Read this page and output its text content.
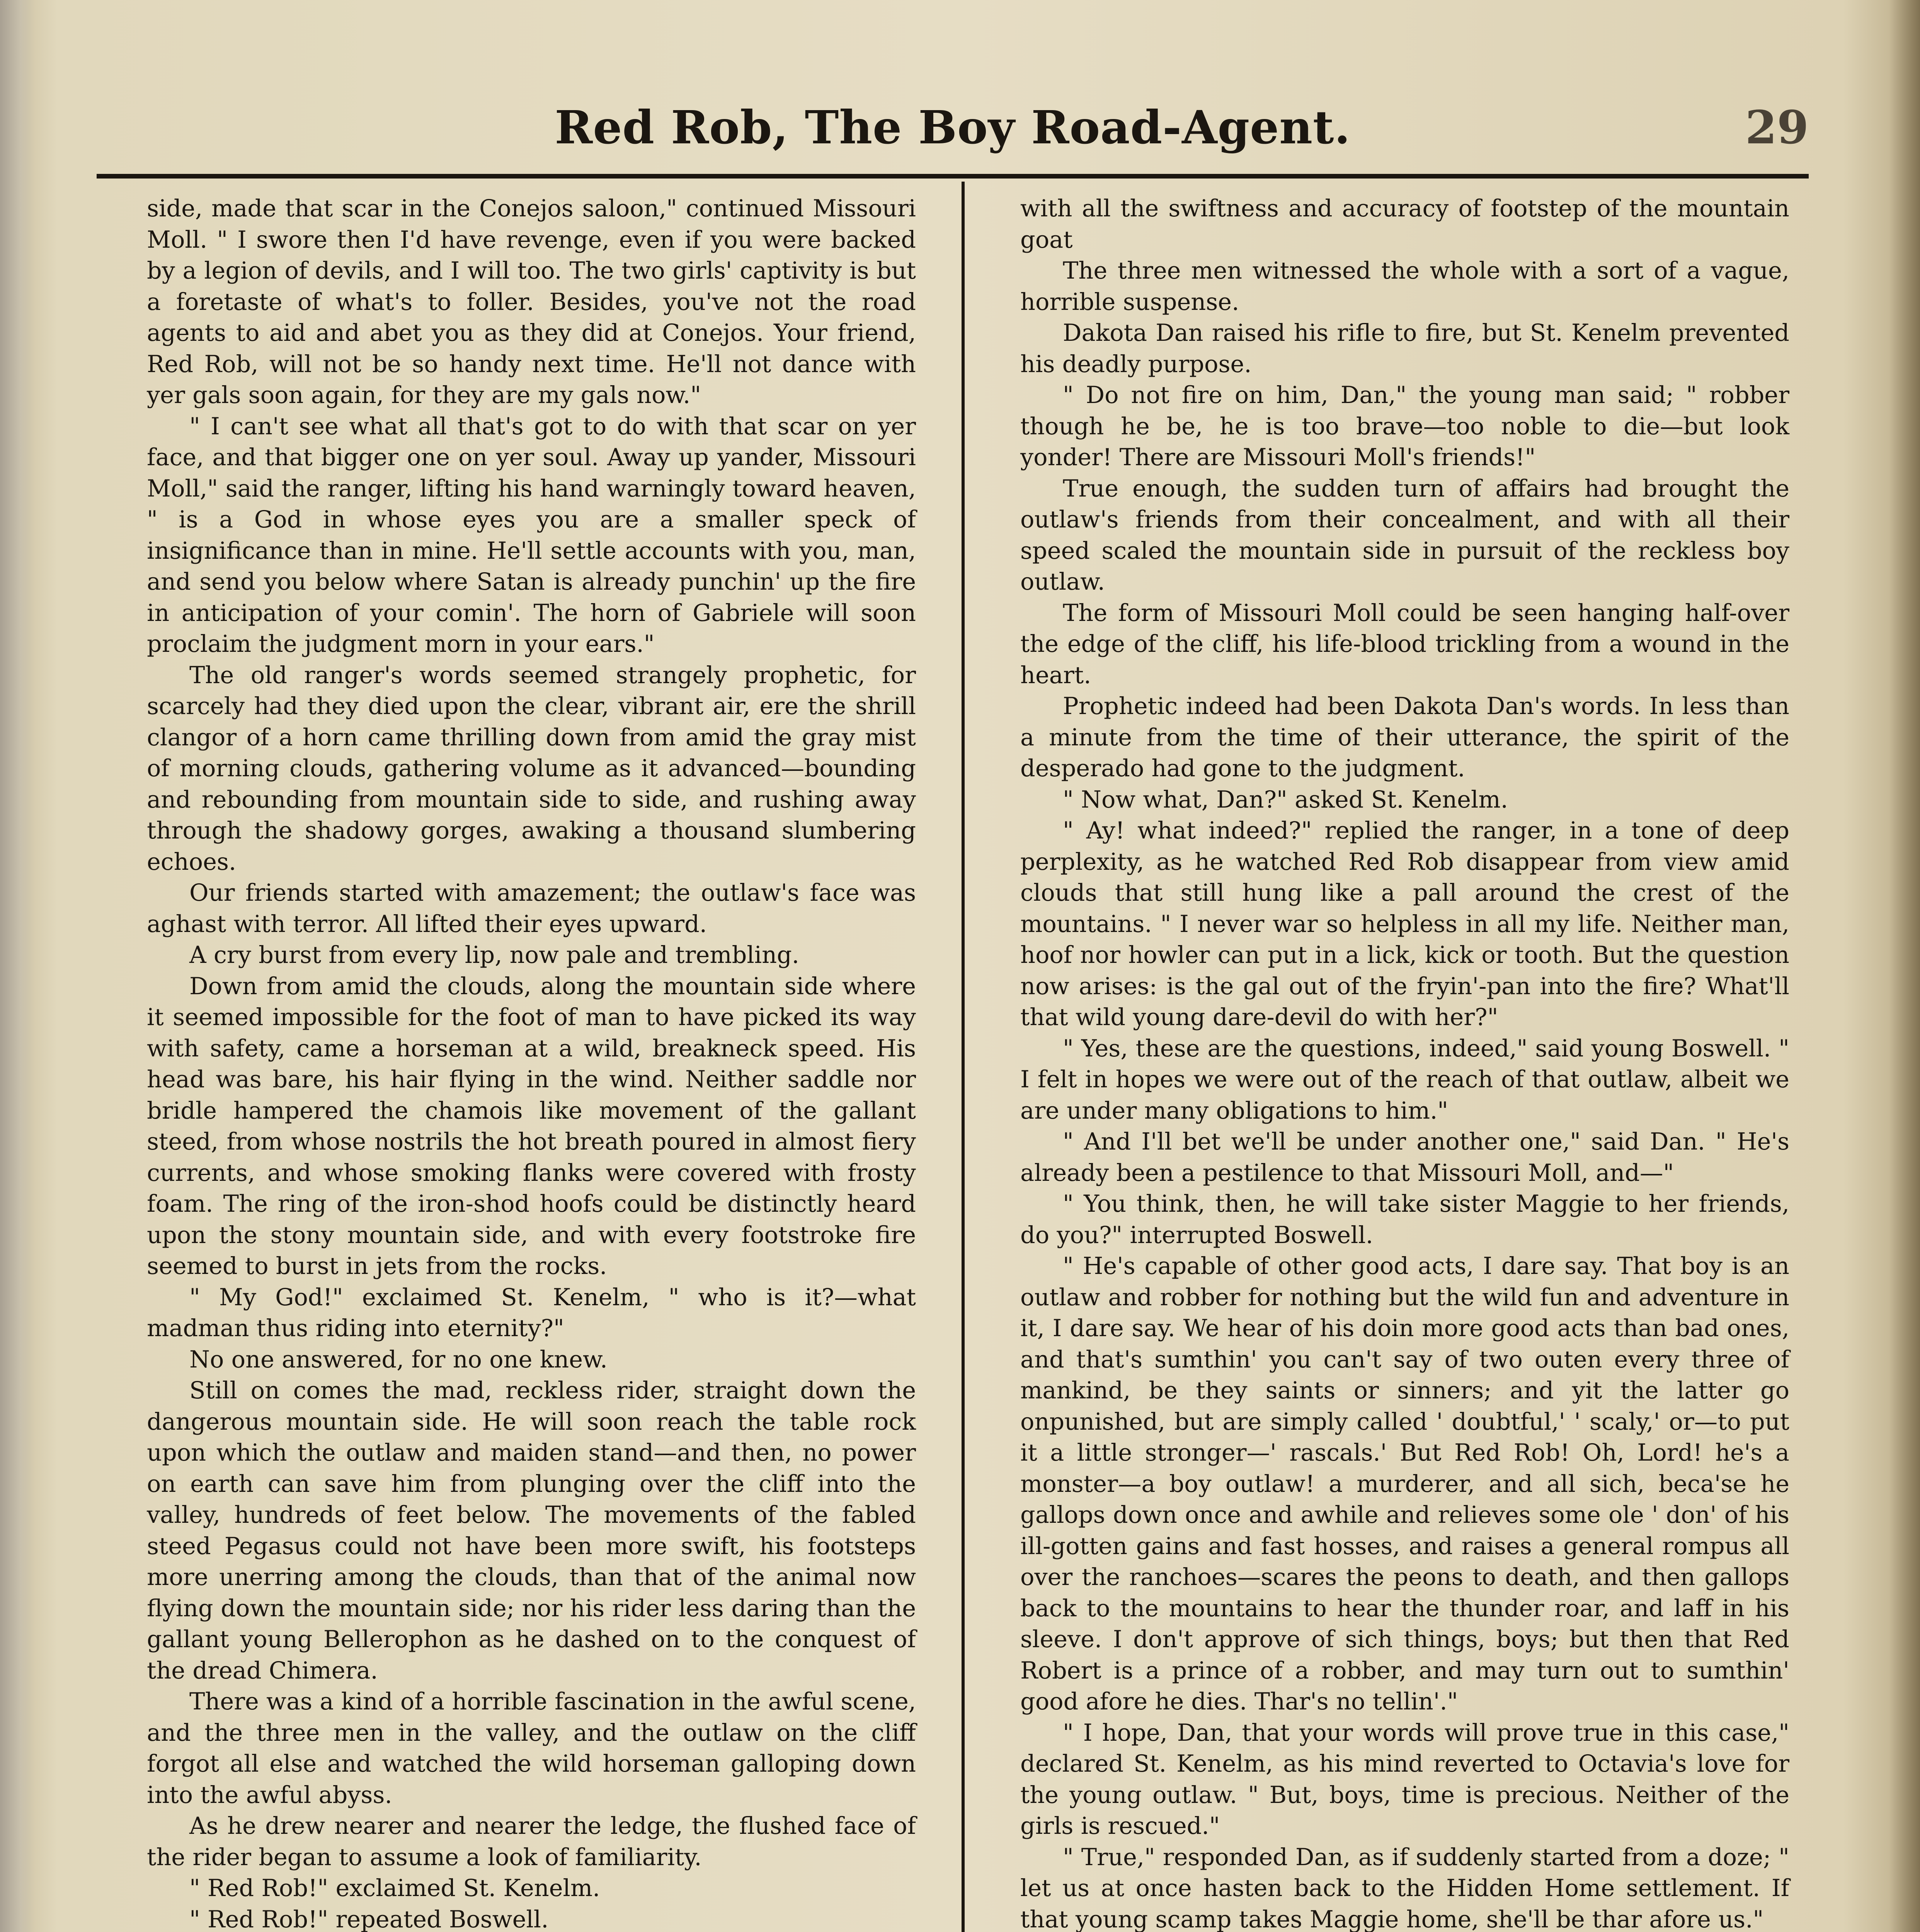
Red Rob, The Boy Road-Agent.	29

side, made that scar in the Conejos saloon," continued Missouri Moll. " I swore then I'd have revenge, even if you were backed by a legion of devils, and I will too. The two girls' captivity is but a foretaste of what's to foller. Besides, you've not the road agents to aid and abet you as they did at Conejos. Your friend, Red Rob, will not be so handy next time. He'll not dance with yer gals soon again, for they are my gals now."

" I can't see what all that's got to do with that scar on yer face, and that bigger one on yer soul. Away up yander, Missouri Moll," said the ranger, lifting his hand warningly toward heaven, " is a God in whose eyes you are a smaller speck of insignificance than in mine. He'll settle accounts with you, man, and send you below where Satan is already punchin' up the fire in anticipation of your comin'. The horn of Gabriele will soon proclaim the judgment morn in your ears."

The old ranger's words seemed strangely prophetic, for scarcely had they died upon the clear, vibrant air, ere the shrill clangor of a horn came thrilling down from amid the gray mist of morning clouds, gathering volume as it advanced—bounding and rebounding from mountain side to side, and rushing away through the shadowy gorges, awaking a thousand slumbering echoes.

Our friends started with amazement; the outlaw's face was aghast with terror. All lifted their eyes upward.

A cry burst from every lip, now pale and trembling.

Down from amid the clouds, along the mountain side where it seemed impossible for the foot of man to have picked its way with safety, came a horseman at a wild, breakneck speed. His head was bare, his hair flying in the wind. Neither saddle nor bridle hampered the chamois like movement of the gallant steed, from whose nostrils the hot breath poured in almost fiery currents, and whose smoking flanks were covered with frosty foam. The ring of the iron-shod hoofs could be distinctly heard upon the stony mountain side, and with every footstroke fire seemed to burst in jets from the rocks.

" My God!" exclaimed St. Kenelm, " who is it?—what madman thus riding into eternity?"

No one answered, for no one knew.

Still on comes the mad, reckless rider, straight down the dangerous mountain side. He will soon reach the table rock upon which the outlaw and maiden stand—and then, no power on earth can save him from plunging over the cliff into the valley, hundreds of feet below. The movements of the fabled steed Pegasus could not have been more swift, his footsteps more unerring among the clouds, than that of the animal now flying down the mountain side; nor his rider less daring than the gallant young Bellerophon as he dashed on to the conquest of the dread Chimera.

There was a kind of a horrible fascination in the awful scene, and the three men in the valley, and the outlaw on the cliff forgot all else and watched the wild horseman galloping down into the awful abyss.

As he drew nearer and nearer the ledge, the flushed face of the rider began to assume a look of familiarity.

" Red Rob!" exclaimed St. Kenelm.

" Red Rob!" repeated Boswell.

with all the swiftness and accuracy of footstep of the mountain goat

The three men witnessed the whole with a sort of a vague, horrible suspense.

Dakota Dan raised his rifle to fire, but St. Kenelm prevented his deadly purpose.

" Do not fire on him, Dan," the young man said; " robber though he be, he is too brave—too noble to die—but look yonder! There are Missouri Moll's friends!"

True enough, the sudden turn of affairs had brought the outlaw's friends from their concealment, and with all their speed scaled the mountain side in pursuit of the reckless boy outlaw.

The form of Missouri Moll could be seen hanging half-over the edge of the cliff, his life-blood trickling from a wound in the heart.

Prophetic indeed had been Dakota Dan's words. In less than a minute from the time of their utterance, the spirit of the desperado had gone to the judgment.

" Now what, Dan?" asked St. Kenelm.

" Ay! what indeed?" replied the ranger, in a tone of deep perplexity, as he watched Red Rob disappear from view amid clouds that still hung like a pall around the crest of the mountains. " I never war so helpless in all my life. Neither man, hoof nor howler can put in a lick, kick or tooth. But the question now arises: is the gal out of the fryin'-pan into the fire? What'll that wild young dare-devil do with her?"

" Yes, these are the questions, indeed," said young Boswell. " I felt in hopes we were out of the reach of that outlaw, albeit we are under many obligations to him."

" And I'll bet we'll be under another one," said Dan. " He's already been a pestilence to that Missouri Moll, and—"

" You think, then, he will take sister Maggie to her friends, do you?" interrupted Boswell.

" He's capable of other good acts, I dare say. That boy is an outlaw and robber for nothing but the wild fun and adventure in it, I dare say. We hear of his doin more good acts than bad ones, and that's sumthin' you can't say of two outen every three of mankind, be they saints or sinners; and yit the latter go onpunished, but are simply called ' doubtful,' ' scaly,' or—to put it a little stronger—' rascals.' But Red Rob! Oh, Lord! he's a monster—a boy outlaw! a murderer, and all sich, beca'se he gallops down once and awhile and relieves some ole ' don' of his ill-gotten gains and fast hosses, and raises a general rompus all over the ranchoes—scares the peons to death, and then gallops back to the mountains to hear the thunder roar, and laff in his sleeve. I don't approve of sich things, boys; but then that Red Robert is a prince of a robber, and may turn out to sumthin' good afore he dies. Thar's no tellin'."

" I hope, Dan, that your words will prove true in this case," declared St. Kenelm, as his mind reverted to Octavia's love for the young outlaw. " But, boys, time is precious. Neither of the girls is rescued."

" True," responded Dan, as if suddenly started from a doze; " let us at once hasten back to the Hidden Home settlement. If that young scamp takes Maggie home, she'll be thar afore us."
